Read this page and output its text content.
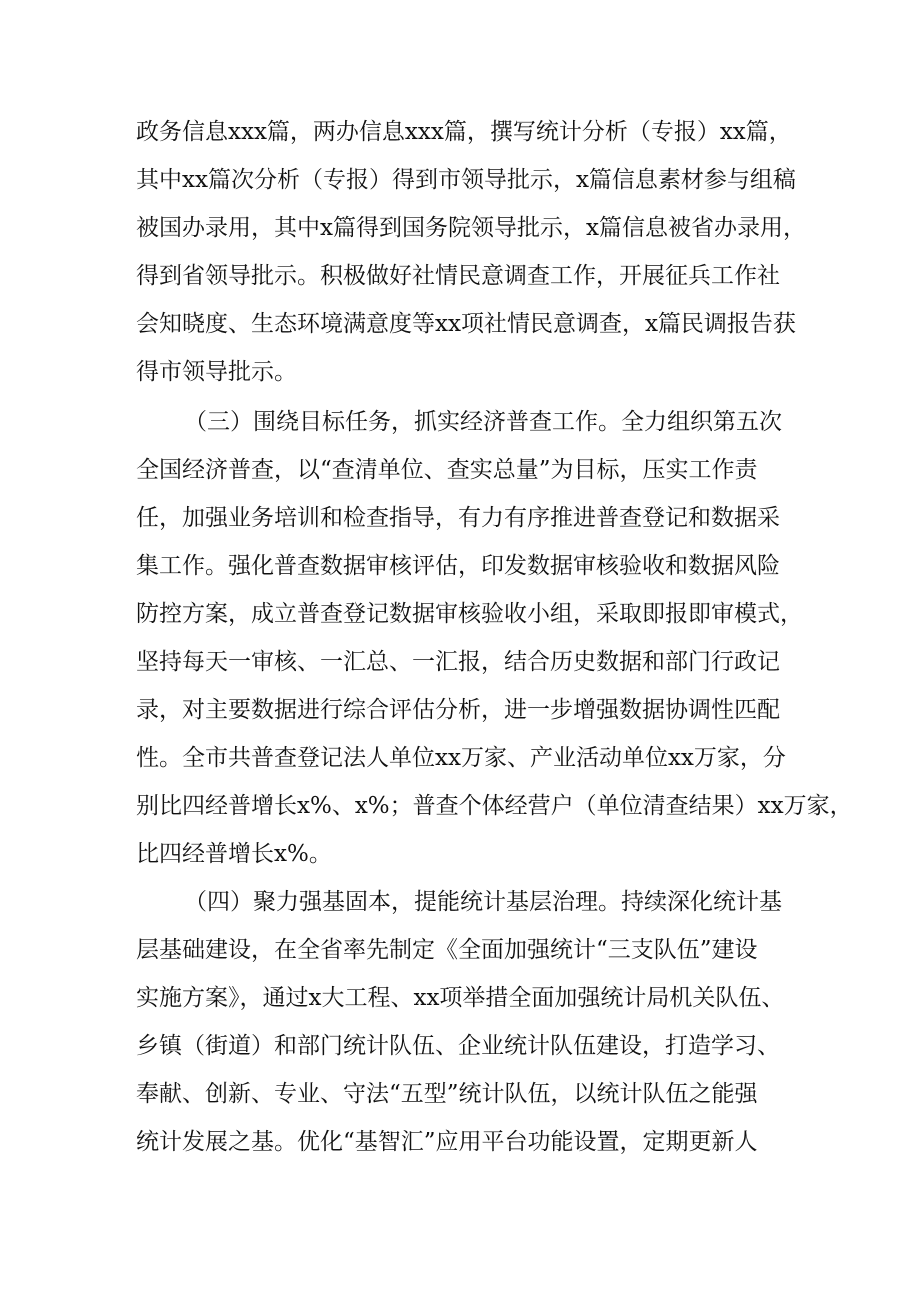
政务信息xxx篇，两办信息xxx篇，撰写统计分析（专报）xx篇，
其中xx篇次分析（专报）得到市领导批示，x篇信息素材参与组稿
被国办录用，其中x篇得到国务院领导批示，x篇信息被省办录用，
得到省领导批示。积极做好社情民意调查工作，开展征兵工作社
会知晓度、生态环境满意度等xx项社情民意调查，x篇民调报告获
得市领导批示。
（三）围绕目标任务，抓实经济普查工作。全力组织第五次
全国经济普查，以“查清单位、查实总量”为目标，压实工作责
任，加强业务培训和检查指导，有力有序推进普查登记和数据采
集工作。强化普查数据审核评估，印发数据审核验收和数据风险
防控方案，成立普查登记数据审核验收小组，采取即报即审模式，
坚持每天一审核、一汇总、一汇报，结合历史数据和部门行政记
录，对主要数据进行综合评估分析，进一步增强数据协调性匹配
性。全市共普查登记法人单位xx万家、产业活动单位xx万家，分
别比四经普增长x%、x%；普查个体经营户（单位清查结果）xx万家，
比四经普增长x%。
（四）聚力强基固本，提能统计基层治理。持续深化统计基
层基础建设，在全省率先制定《全面加强统计“三支队伍”建设
实施方案》，通过x大工程、xx项举措全面加强统计局机关队伍、
乡镇（街道）和部门统计队伍、企业统计队伍建设，打造学习、
奉献、创新、专业、守法“五型”统计队伍，以统计队伍之能强
统计发展之基。优化“基智汇”应用平台功能设置，定期更新人
